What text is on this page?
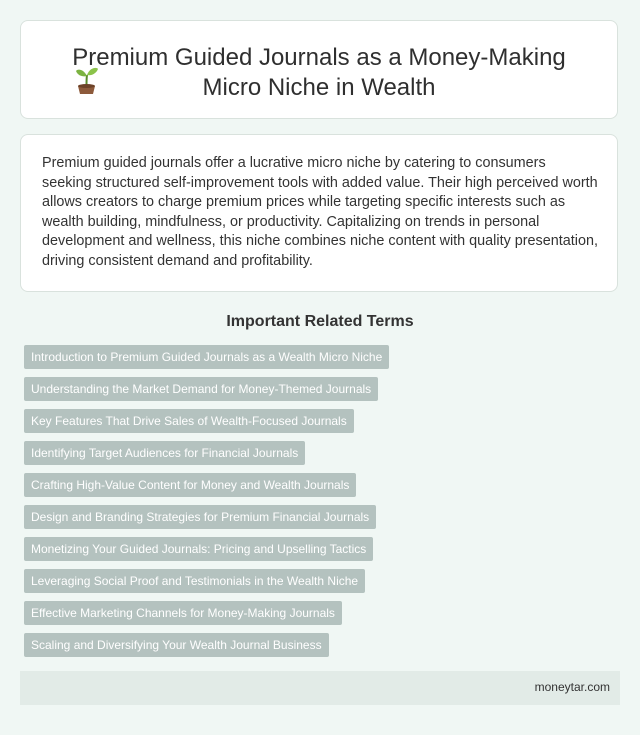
Premium Guided Journals as a Money-Making
Micro Niche in Wealth

Premium guided journals offer a lucrative micro niche by catering to consumers seeking structured self-improvement tools with added value. Their high perceived worth allows creators to charge premium prices while targeting specific interests such as wealth building, mindfulness, or productivity. Capitalizing on trends in personal development and wellness, this niche combines niche content with quality presentation, driving consistent demand and profitability.

Important Related Terms
Introduction to Premium Guided Journals as a Wealth Micro Niche
Understanding the Market Demand for Money-Themed Journals
Key Features That Drive Sales of Wealth-Focused Journals
Identifying Target Audiences for Financial Journals
Crafting High-Value Content for Money and Wealth Journals
Design and Branding Strategies for Premium Financial Journals
Monetizing Your Guided Journals: Pricing and Upselling Tactics
Leveraging Social Proof and Testimonials in the Wealth Niche
Effective Marketing Channels for Money-Making Journals
Scaling and Diversifying Your Wealth Journal Business
moneytar.com
